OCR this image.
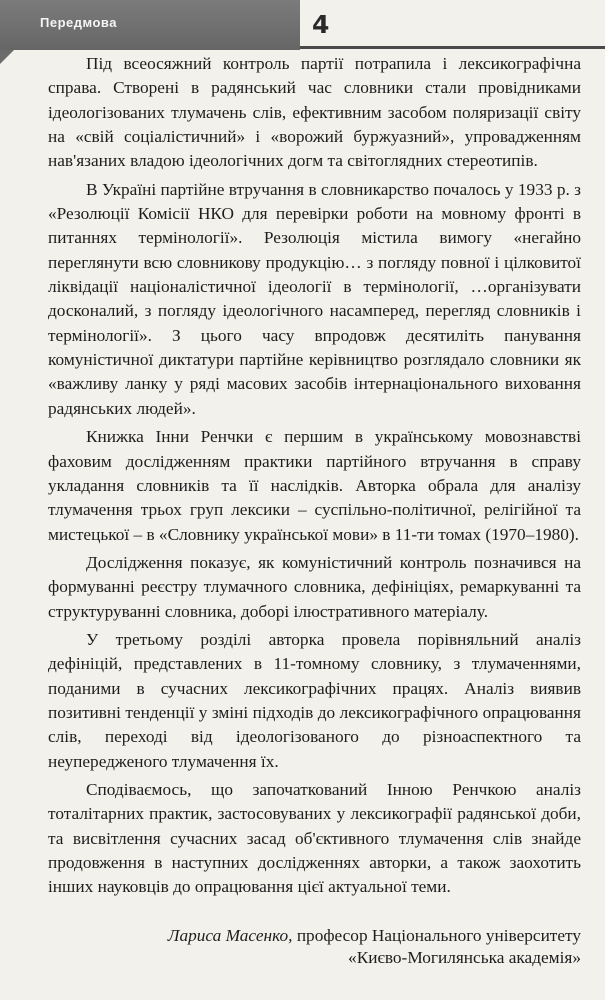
Передмова	4

Під всеосяжний контроль партії потрапила і лексикографічна справа. Створені в радянський час словники стали провідниками ідеологізованих тлумачень слів, ефективним засобом поляризації світу на «свій соціалістичний» і «ворожий буржуазний», упровадженням нав'язаних владою ідеологічних догм та світоглядних стереотипів.

В Україні партійне втручання в словникарство почалось у 1933 р. з «Резолюції Комісії НКО для перевірки роботи на мовному фронті в питаннях термінології». Резолюція містила вимогу «негайно переглянути всю словникову продукцію… з погляду повної і цілковитої ліквідації націоналістичної ідеології в термінології, …організувати досконалий, з погляду ідеологічного насамперед, перегляд словників і термінології». З цього часу впродовж десятиліть панування комуністичної диктатури партійне керівництво розглядало словники як «важливу ланку у ряді масових засобів інтернаціонального виховання радянських людей».

Книжка Інни Ренчки є першим в українському мовознавстві фаховим дослідженням практики партійного втручання в справу укладання словників та її наслідків. Авторка обрала для аналізу тлумачення трьох груп лексики – суспільно-політичної, релігійної та мистецької – в «Словнику української мови» в 11-ти томах (1970–1980).

Дослідження показує, як комуністичний контроль позначився на формуванні реєстру тлумачного словника, дефініціях, ремаркуванні та структуруванні словника, доборі ілюстративного матеріалу.

У третьому розділі авторка провела порівняльний аналіз дефініцій, представлених в 11-томному словнику, з тлумаченнями, поданими в сучасних лексикографічних працях. Аналіз виявив позитивні тенденції у зміні підходів до лексикографічного опрацювання слів, переході від ідеологізованого до різноаспектного та неупередженого тлумачення їх.

Сподіваємось, що започаткований Інною Ренчкою аналіз тоталітарних практик, застосовуваних у лексикографії радянської доби, та висвітлення сучасних засад об'єктивного тлумачення слів знайде продовження в наступних дослідженнях авторки, а також заохотить інших науковців до опрацювання цієї актуальної теми.

Лариса Масенко, професор Національного університету
«Києво-Могилянська академія»
